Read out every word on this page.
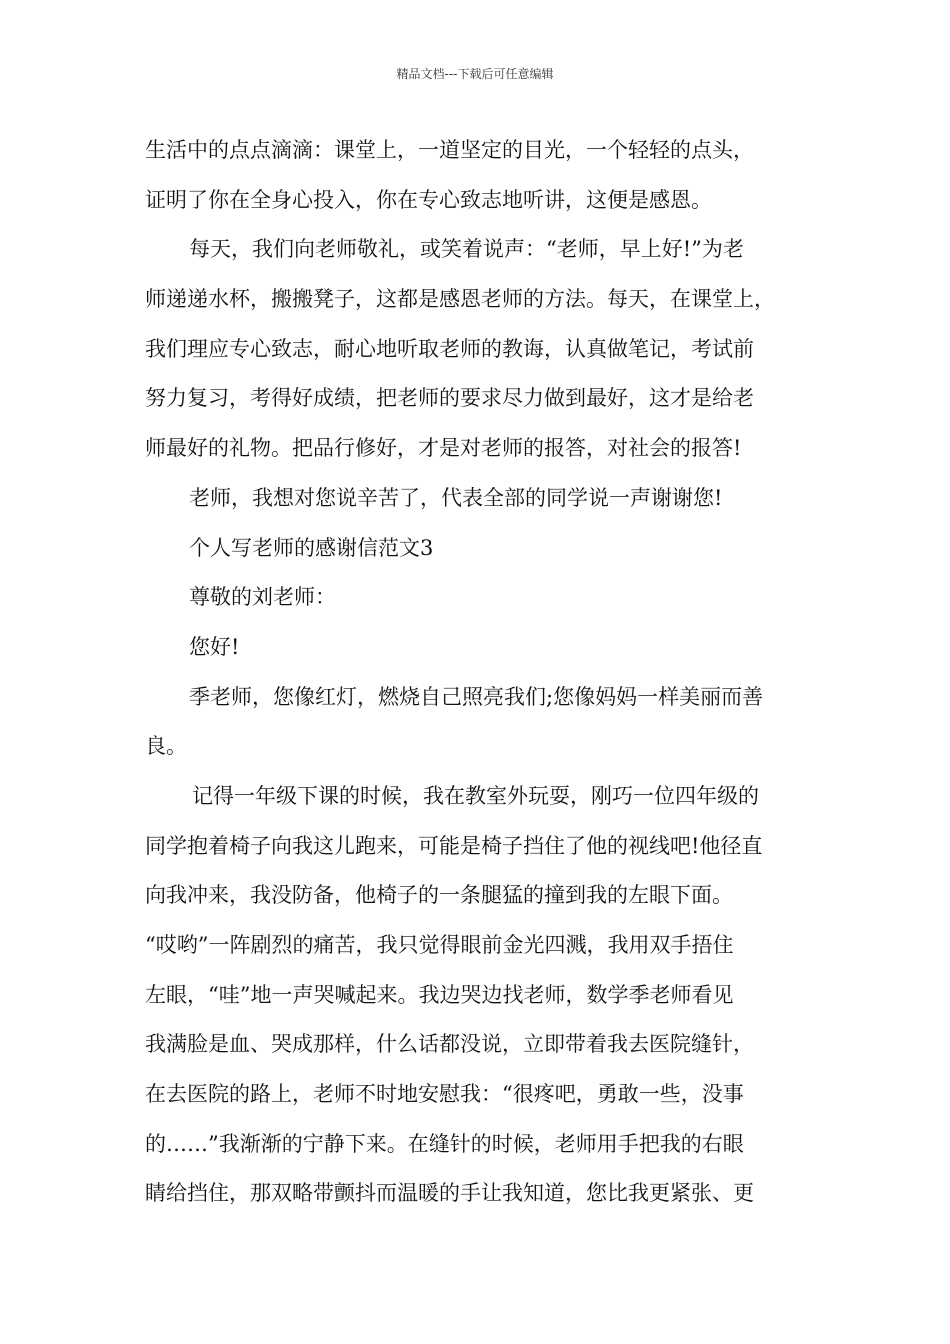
精品文档---下载后可任意编辑
生活中的点点滴滴：课堂上，一道坚定的目光，一个轻轻的点头，
证明了你在全身心投入，你在专心致志地听讲，这便是感恩。
每天，我们向老师敬礼，或笑着说声：“老师，早上好!”为老
师递递水杯，搬搬凳子，这都是感恩老师的方法。每天，在课堂上，
我们理应专心致志，耐心地听取老师的教诲，认真做笔记，考试前
努力复习，考得好成绩，把老师的要求尽力做到最好，这才是给老
师最好的礼物。把品行修好，才是对老师的报答，对社会的报答!
老师，我想对您说辛苦了，代表全部的同学说一声谢谢您!
个人写老师的感谢信范文3
尊敬的刘老师：
您好!
季老师，您像红灯，燃烧自己照亮我们;您像妈妈一样美丽而善
良。
记得一年级下课的时候，我在教室外玩耍，刚巧一位四年级的
同学抱着椅子向我这儿跑来，可能是椅子挡住了他的视线吧!他径直
向我冲来，我没防备，他椅子的一条腿猛的撞到我的左眼下面。
“哎哟”一阵剧烈的痛苦，我只觉得眼前金光四溅，我用双手捂住
左眼，“哇”地一声哭喊起来。我边哭边找老师，数学季老师看见
我满脸是血、哭成那样，什么话都没说，立即带着我去医院缝针，
在去医院的路上，老师不时地安慰我：“很疼吧，勇敢一些，没事
的……”我渐渐的宁静下来。在缝针的时候，老师用手把我的右眼
睛给挡住，那双略带颤抖而温暖的手让我知道，您比我更紧张、更
